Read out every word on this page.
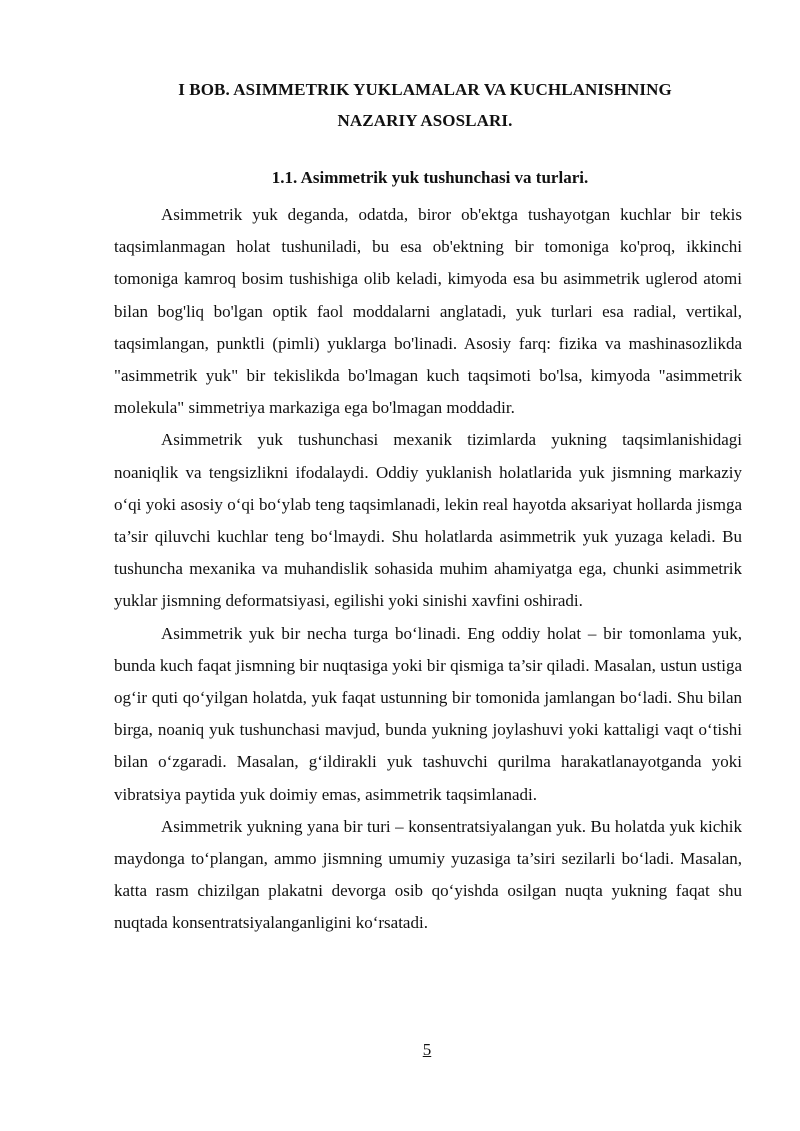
I BOB. ASIMMETRIK YUKLAMALAR VA KUCHLANISHNING
NAZARIY ASOSLARI.
1.1. Asimmetrik yuk tushunchasi va turlari.

Asimmetrik yuk deganda, odatda, biror ob'ektga tushayotgan kuchlar bir tekis taqsimlanmagan holat tushuniladi, bu esa ob'ektning bir tomoniga ko'proq, ikkinchi tomoniga kamroq bosim tushishiga olib keladi, kimyoda esa bu asimmetrik uglerod atomi bilan bog'liq bo'lgan optik faol moddalarni anglatadi, yuk turlari esa radial, vertikal, taqsimlangan, punktli (pimli) yuklarga bo'linadi. Asosiy farq: fizika va mashinasozlikda "asimmetrik yuk" bir tekislikda bo'lmagan kuch taqsimoti bo'lsa, kimyoda "asimmetrik molekula" simmetriya markaziga ega bo'lmagan moddadir.

Asimmetrik yuk tushunchasi mexanik tizimlarda yukning taqsimlanishidagi noaniqlik va tengsizlikni ifodalaydi. Oddiy yuklanish holatlarida yuk jismning markaziy o‘qi yoki asosiy o‘qi bo‘ylab teng taqsimlanadi, lekin real hayotda aksariyat hollarda jismga ta’sir qiluvchi kuchlar teng bo‘lmaydi. Shu holatlarda asimmetrik yuk yuzaga keladi. Bu tushuncha mexanika va muhandislik sohasida muhim ahamiyatga ega, chunki asimmetrik yuklar jismning deformatsiyasi, egilishi yoki sinishi xavfini oshiradi.

Asimmetrik yuk bir necha turga bo‘linadi. Eng oddiy holat – bir tomonlama yuk, bunda kuch faqat jismning bir nuqtasiga yoki bir qismiga ta’sir qiladi. Masalan, ustun ustiga og‘ir quti qo‘yilgan holatda, yuk faqat ustunning bir tomonida jamlangan bo‘ladi. Shu bilan birga, noaniq yuk tushunchasi mavjud, bunda yukning joylashuvi yoki kattaligi vaqt o‘tishi bilan o‘zgaradi. Masalan, g‘ildirakli yuk tashuvchi qurilma harakatlanayotganda yoki vibratsiya paytida yuk doimiy emas, asimmetrik taqsimlanadi.

Asimmetrik yukning yana bir turi – konsentratsiyalangan yuk. Bu holatda yuk kichik maydonga to‘plangan, ammo jismning umumiy yuzasiga ta’siri sezilarli bo‘ladi. Masalan, katta rasm chizilgan plakatni devorga osib qo‘yishda osilgan nuqta yukning faqat shu nuqtada konsentratsiyalanganligini ko‘rsatadi.

5
